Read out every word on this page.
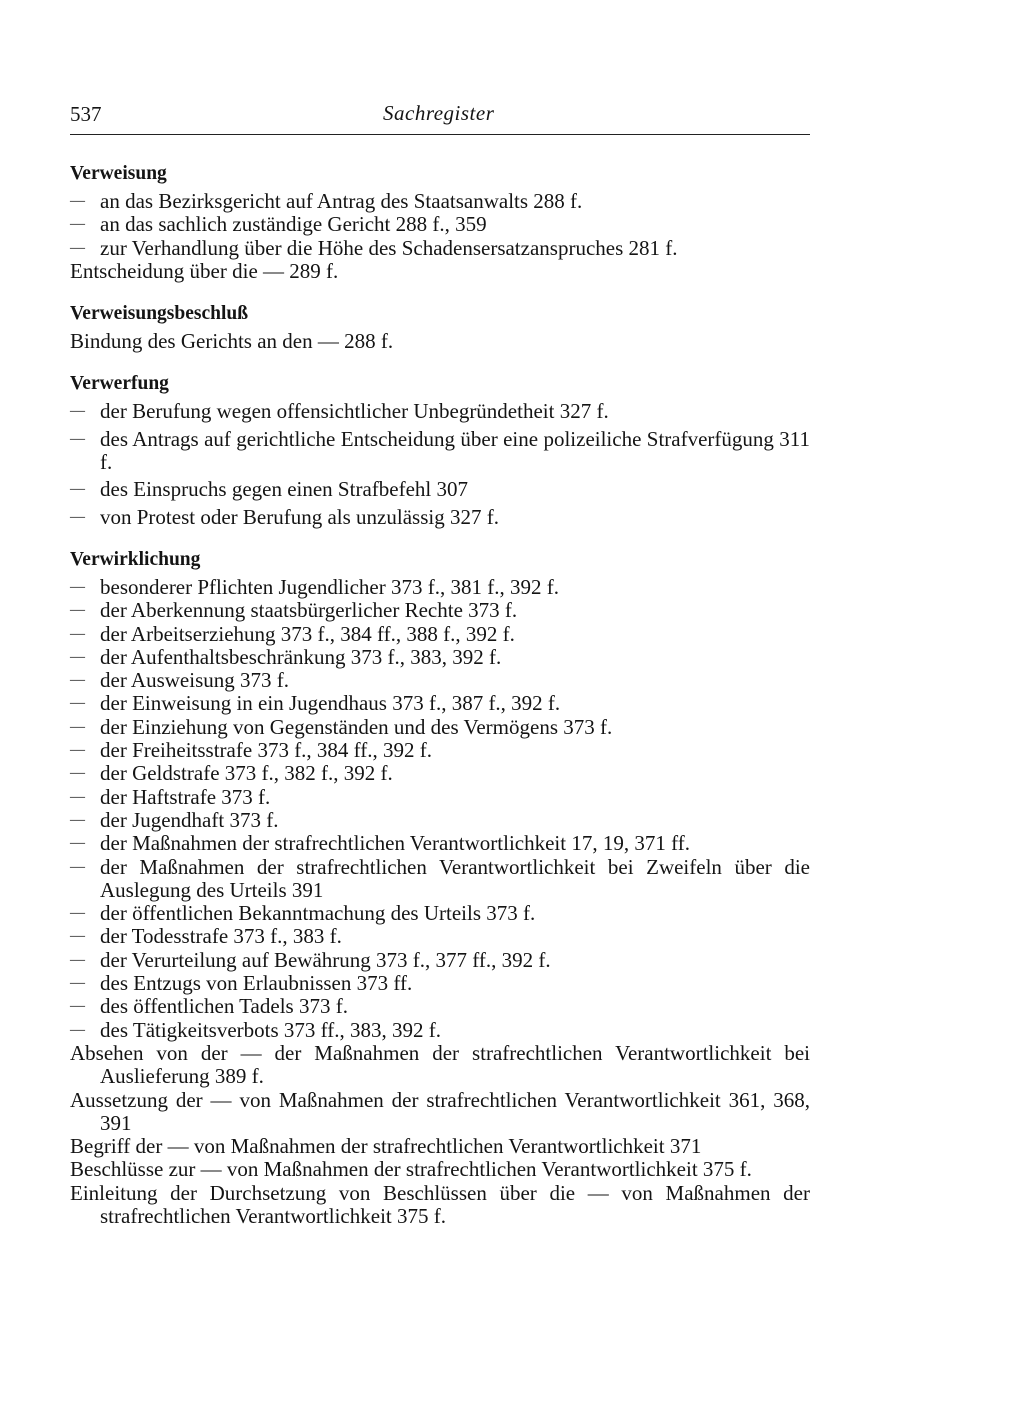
537	Sachregister
Verweisung
— an das Bezirksgericht auf Antrag des Staatsanwalts 288 f.
— an das sachlich zuständige Gericht 288 f., 359
— zur Verhandlung über die Höhe des Schadensersatzanspruches 281 f.
Entscheidung über die — 289 f.
Verweisungsbeschluß
Bindung des Gerichts an den — 288 f.
Verwerfung
— der Berufung wegen offensichtlicher Unbegründetheit 327 f.
— des Antrags auf gerichtliche Entscheidung über eine polizeiliche Strafverfügung 311 f.
— des Einspruchs gegen einen Strafbefehl 307
— von Protest oder Berufung als unzulässig 327 f.
Verwirklichung
— besonderer Pflichten Jugendlicher 373 f., 381 f., 392 f.
— der Aberkennung staatsbürgerlicher Rechte 373 f.
— der Arbeitserziehung 373 f., 384 ff., 388 f., 392 f.
— der Aufenthaltsbeschränkung 373 f., 383, 392 f.
— der Ausweisung 373 f.
— der Einweisung in ein Jugendhaus 373 f., 387 f., 392 f.
— der Einziehung von Gegenständen und des Vermögens 373 f.
— der Freiheitsstrafe 373 f., 384 ff., 392 f.
— der Geldstrafe 373 f., 382 f., 392 f.
— der Haftstrafe 373 f.
— der Jugendhaft 373 f.
— der Maßnahmen der strafrechtlichen Verantwortlichkeit 17, 19, 371 ff.
— der Maßnahmen der strafrechtlichen Verantwortlichkeit bei Zweifeln über die Auslegung des Urteils 391
— der öffentlichen Bekanntmachung des Urteils 373 f.
— der Todesstrafe 373 f., 383 f.
— der Verurteilung auf Bewährung 373 f., 377 ff., 392 f.
— des Entzugs von Erlaubnissen 373 ff.
— des öffentlichen Tadels 373 f.
— des Tätigkeitsverbots 373 ff., 383, 392 f.
Absehen von der — der Maßnahmen der strafrechtlichen Verantwortlichkeit bei Auslieferung 389 f.
Aussetzung der — von Maßnahmen der strafrechtlichen Verantwortlichkeit 361, 368, 391
Begriff der — von Maßnahmen der strafrechtlichen Verantwortlichkeit 371
Beschlüsse zur — von Maßnahmen der strafrechtlichen Verantwortlichkeit 375 f.
Einleitung der Durchsetzung von Beschlüssen über die — von Maßnahmen der strafrechtlichen Verantwortlichkeit 375 f.
